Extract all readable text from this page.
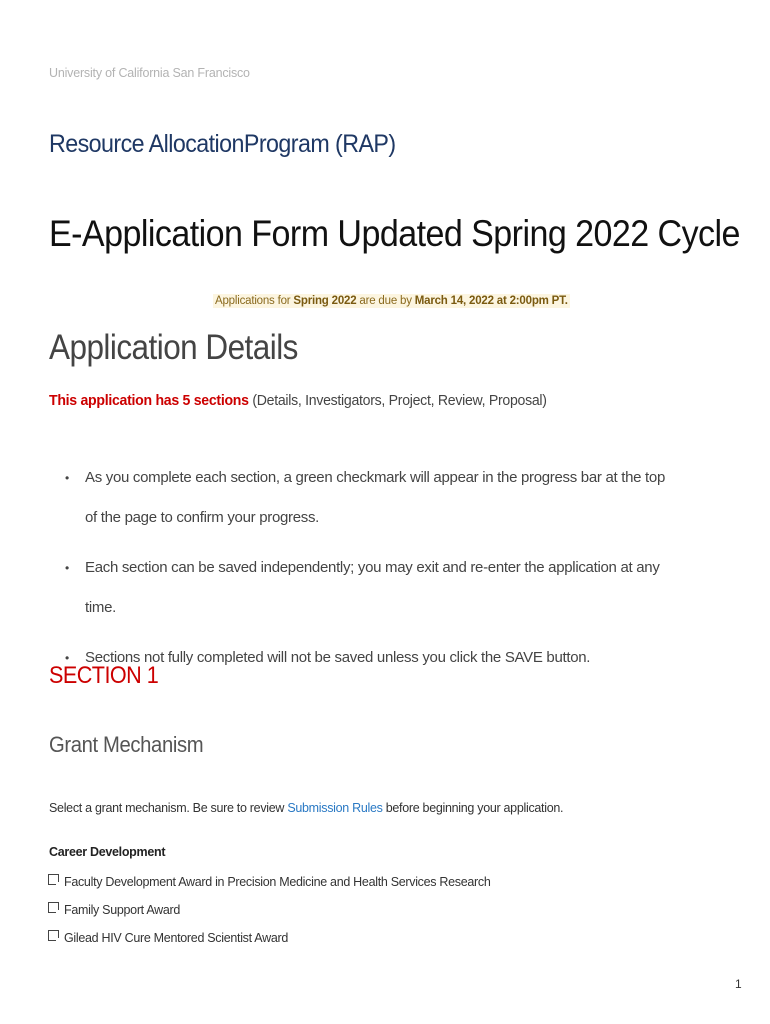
University of California San Francisco
Resource AllocationProgram (RAP)
E-Application Form Updated Spring 2022 Cycle
Applications for Spring 2022 are due by March 14, 2022 at 2:00pm PT.
Application Details
This application has 5 sections (Details, Investigators, Project, Review, Proposal)
• As you complete each section, a green checkmark will appear in the progress bar at the top of the page to confirm your progress.
• Each section can be saved independently; you may exit and re-enter the application at any time.
• Sections not fully completed will not be saved unless you click the SAVE button.
SECTION 1
Grant Mechanism
Select a grant mechanism. Be sure to review Submission Rules before beginning your application.
Career Development
Faculty Development Award in Precision Medicine and Health Services Research
Family Support Award
Gilead HIV Cure Mentored Scientist Award
1
